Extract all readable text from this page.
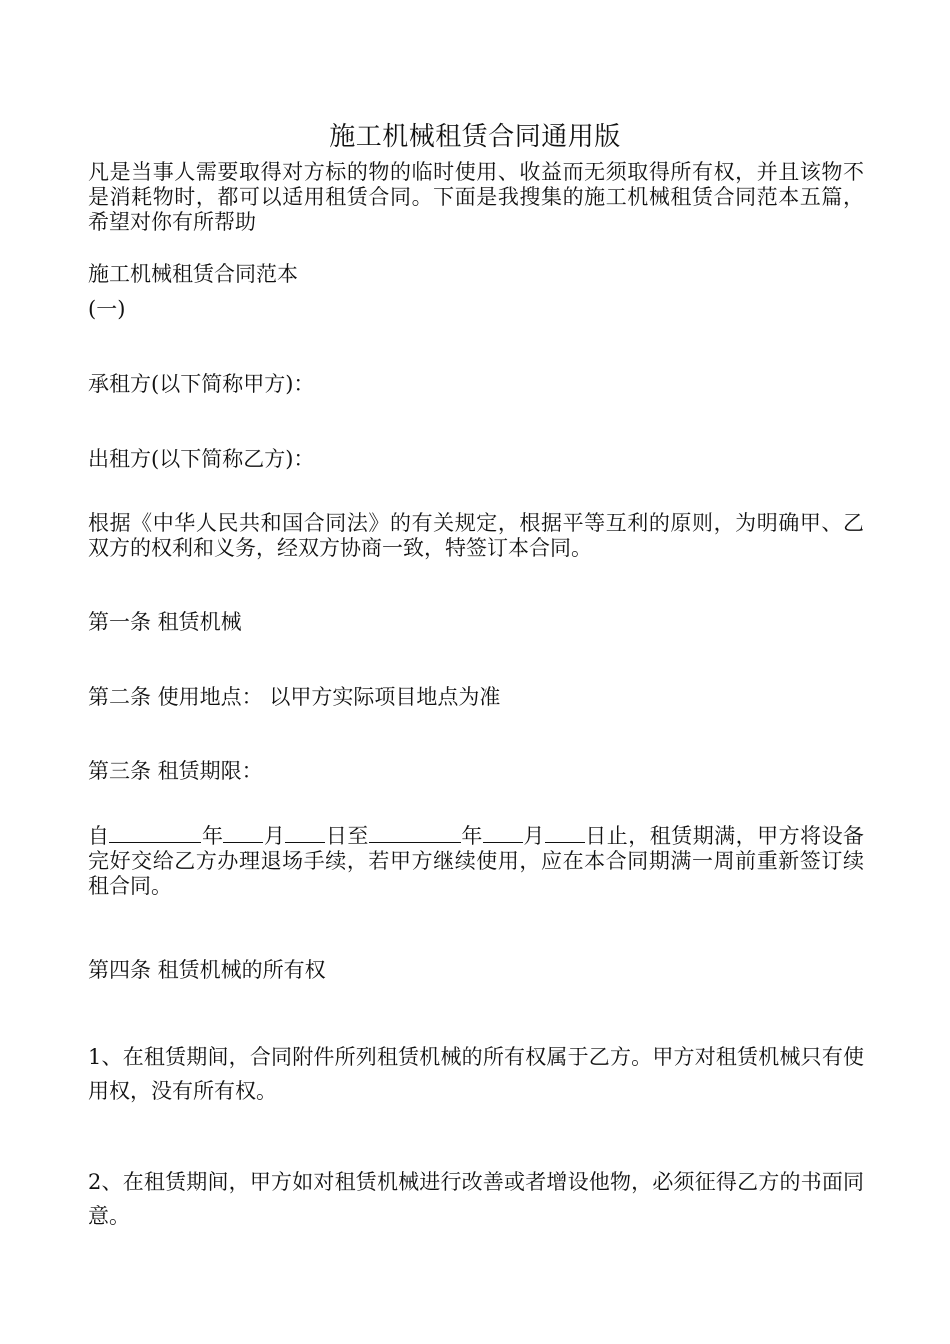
施工机械租赁合同通用版

凡是当事人需要取得对方标的物的临时使用、收益而无须取得所有权，并且该物不是消耗物时，都可以适用租赁合同。下面是我搜集的施工机械租赁合同范本五篇，希望对你有所帮助

施工机械租赁合同范本

(一)

承租方(以下简称甲方)：

出租方(以下简称乙方)：

根据《中华人民共和国合同法》的有关规定，根据平等互利的原则，为明确甲、乙双方的权利和义务，经双方协商一致，特签订本合同。

第一条 租赁机械

第二条 使用地点： 以甲方实际项目地点为准

第三条 租赁期限：

自	年 月 日至	年 月 日止，租赁期满，甲方将设备完好交给乙方办理退场手续，若甲方继续使用，应在本合同期满一周前重新签订续租合同。

第四条 租赁机械的所有权

1、在租赁期间，合同附件所列租赁机械的所有权属于乙方。甲方对租赁机械只有使用权，没有所有权。

2、在租赁期间，甲方如对租赁机械进行改善或者增设他物，必须征得乙方的书面同意。
